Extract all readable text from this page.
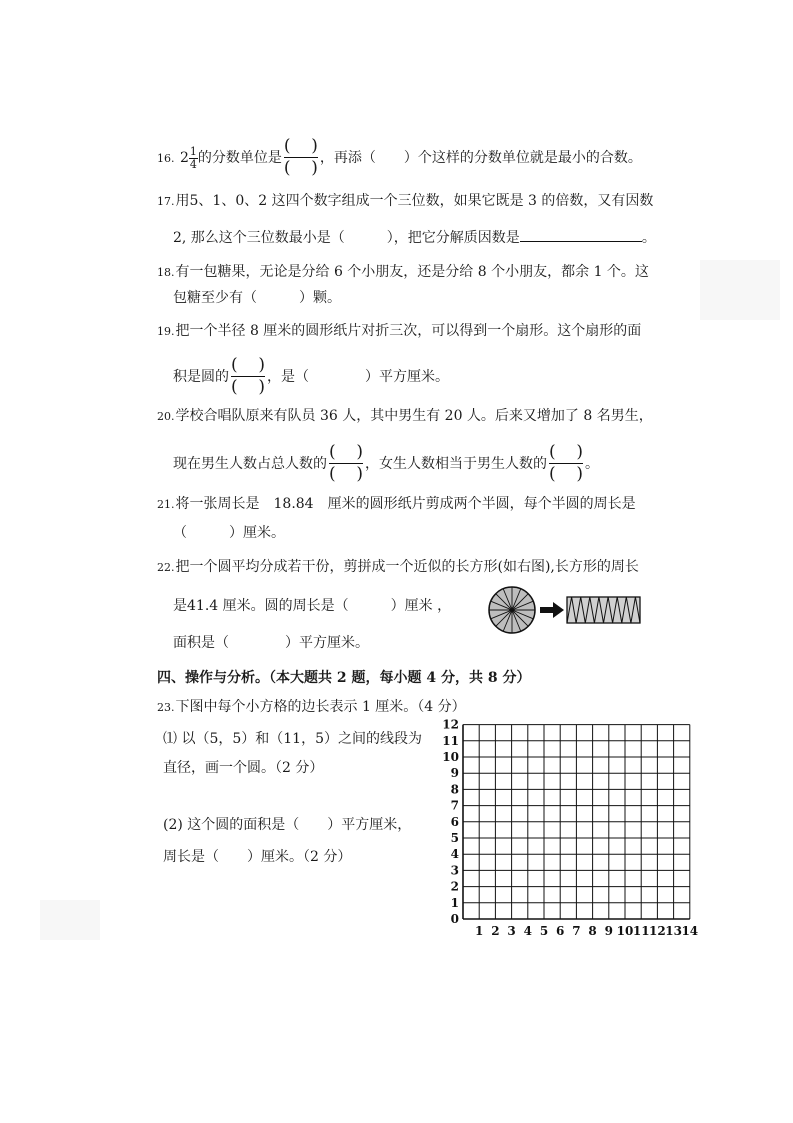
16. $2 \frac{1}{4}$ 的分数单位是
( )
( ) ，再添（　　）个这样的分数单位就是最小的合数。
17.用5、1、0、2 这四个数字组成一个三位数，如果它既是 3 的倍数，又有因数
2, 那么这个三位数最小是（　　　），把它分解质因数是	。
18.有一包糖果，无论是分给 6 个小朋友，还是分给 8 个小朋友，都余 1 个。这
包糖至少有（　　　）颗。
19.把一个半径 8 厘米的圆形纸片对折三次，可以得到一个扇形。这个扇形的面
积是圆的
( )
( ) ，是（　　　　）平方厘米。
20.学校合唱队原来有队员 36 人，其中男生有 20 人。后来又增加了 8 名男生，
现在男生人数占总人数的
( )
( ) ，女生人数相当于男生人数的
( )
( ) 。
21.将一张周长是　18.84　厘米的圆形纸片剪成两个半圆，每个半圆的周长是
（　　　）厘米。
22.把一个圆平均分成若干份，剪拼成一个近似的长方形(如右图),长方形的周长
是41.4 厘米。圆的周长是（　　　）厘米 ，
面积是（　　　　）平方厘米。
四、操作与分析。（本大题共 2 题，每小题 4 分，共 8 分）
23.下图中每个小方格的边长表示 1 厘米。（4 分）
⑴ 以（5，5）和（11，5）之间的线段为
直径，画一个圆。（2 分）
(2) 这个圆的面积是（　　）平方厘米，
周长是（　　）厘米。（2 分）
12
11
10
9
8
7
6
5
4
3
2
1
0
1 2 3 4 5 6 7 8 9 10 11 12 13 14
